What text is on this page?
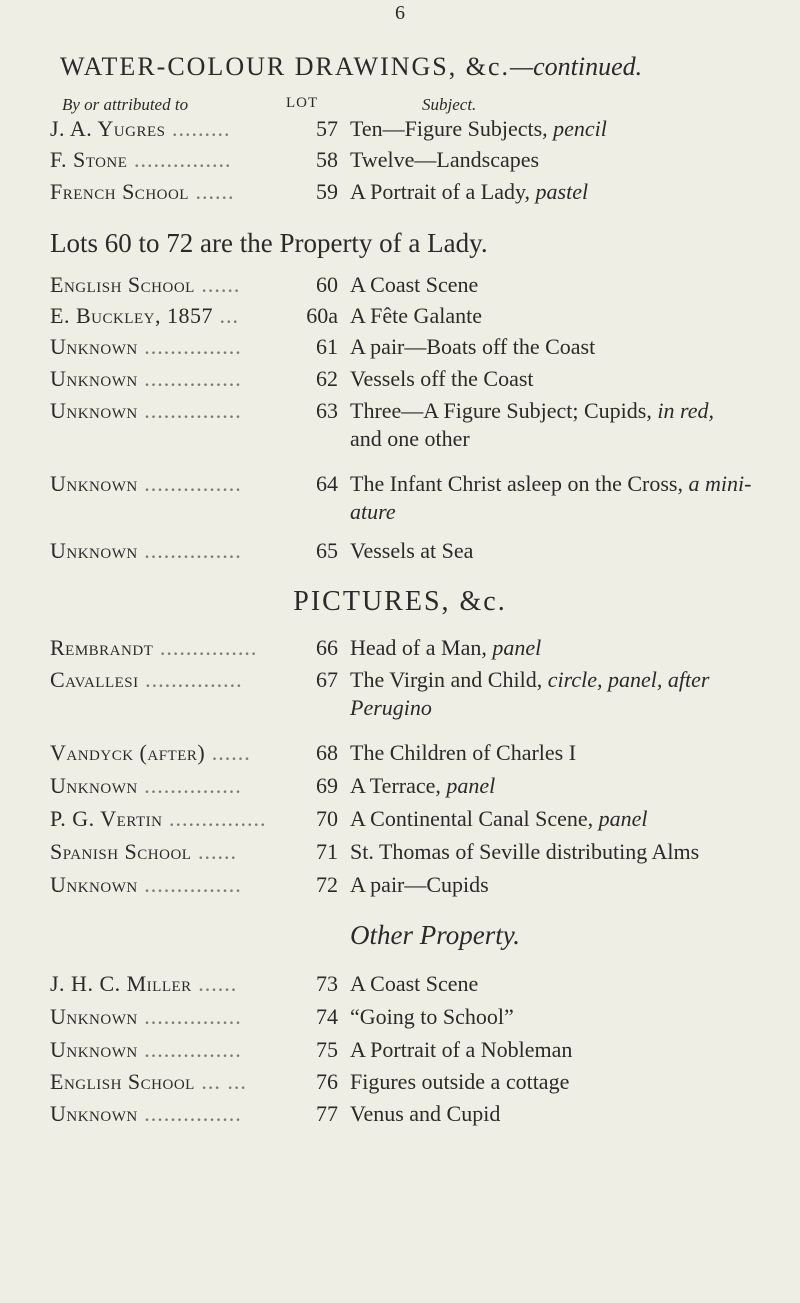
6
WATER-COLOUR DRAWINGS, &c.—continued.
By or attributed to	LOT	Subject.
J. A. Yugres .........	57 Ten—Figure Subjects, pencil
F. Stone ...............	58 Twelve—Landscapes
French School ......	59 A Portrait of a Lady, pastel
Lots 60 to 72 are the Property of a Lady.
English School ......	60 A Coast Scene
E. Buckley, 1857 ...	60a A Fête Galante
Unknown ...............	61 A pair—Boats off the Coast
Unknown ...............	62 Vessels off the Coast
Unknown ...............	63 Three—A Figure Subject; Cupids, in red,
and one other
Unknown ...............	64 The Infant Christ asleep on the Cross, a mini-
ature
Unknown ...............	65 Vessels at Sea
PICTURES, &c.
Rembrandt ...............	66 Head of a Man, panel
Cavallesi ...............	67 The Virgin and Child, circle, panel, after
Perugino
Vandyck (after) ......	68 The Children of Charles I
Unknown ...............	69 A Terrace, panel
P. G. Vertin ...............	70 A Continental Canal Scene, panel
Spanish School ......	71 St. Thomas of Seville distributing Alms
Unknown ...............	72 A pair—Cupids
Other Property.
J. H. C. Miller ......	73 A Coast Scene
Unknown ...............	74 “Going to School”
Unknown ...............	75 A Portrait of a Nobleman
English School ... ...	76 Figures outside a cottage
Unknown ...............	77 Venus and Cupid
